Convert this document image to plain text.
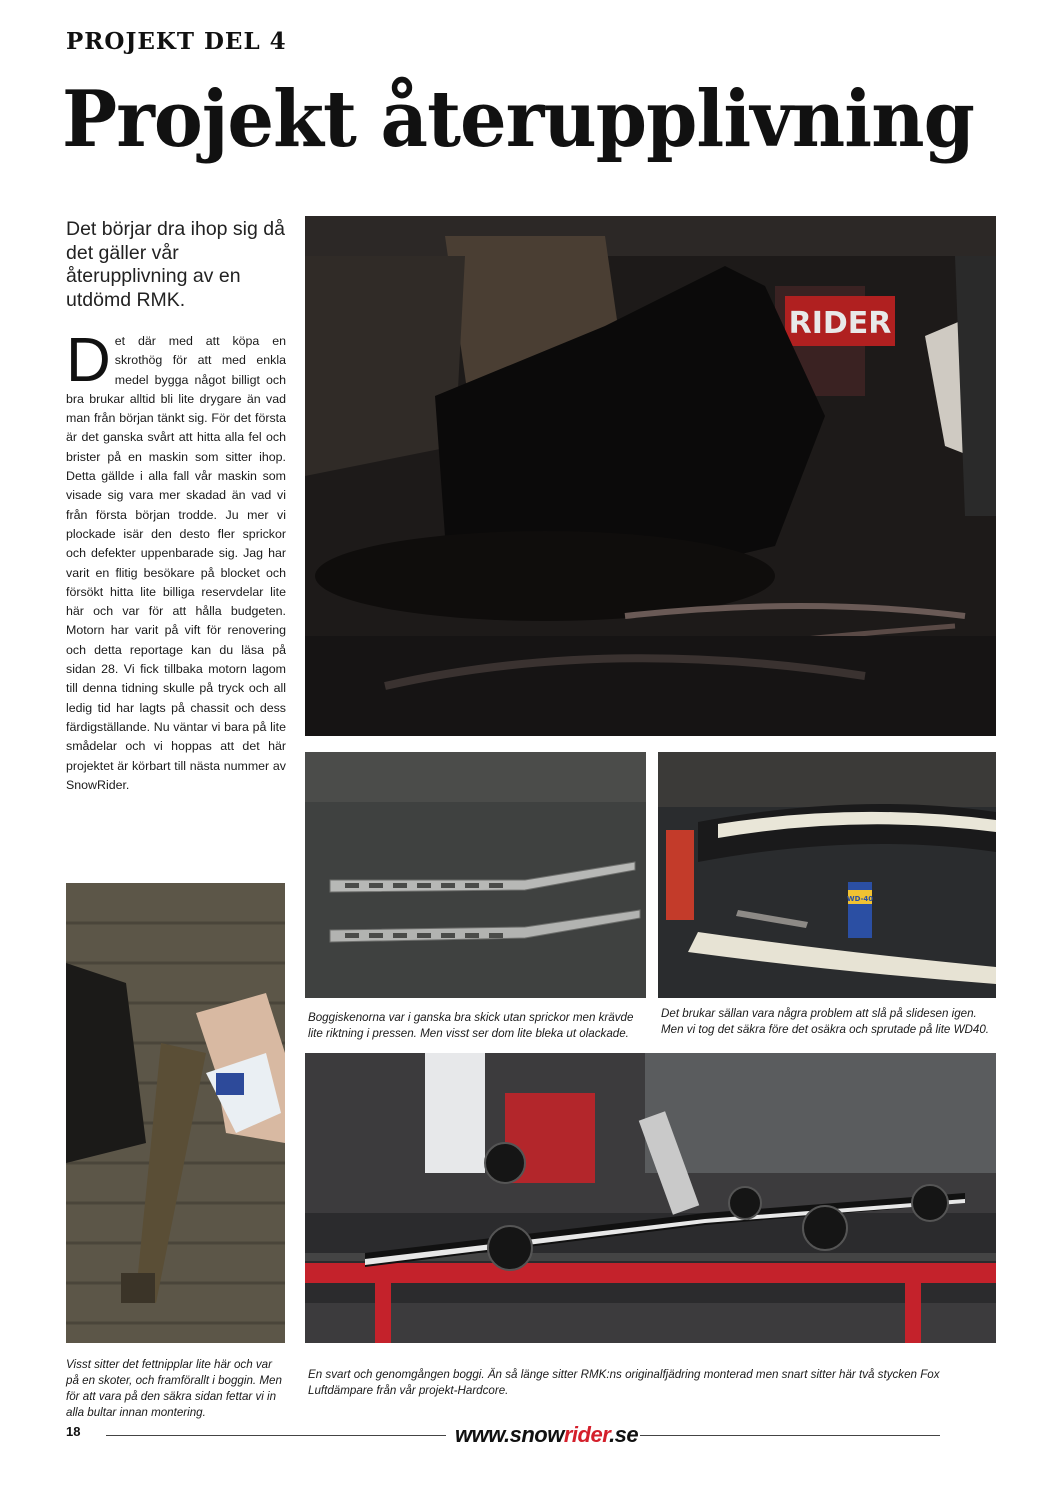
PROJEKT DEL 4
Projekt återupplivning
Det börjar dra ihop sig då det gäller vår återupplivning av en utdömd RMK.
Det där med att köpa en skrothög för att med enkla medel bygga något billigt och bra brukar alltid bli lite drygare än vad man från början tänkt sig. För det första är det ganska svårt att hitta alla fel och brister på en maskin som sitter ihop. Detta gällde i alla fall vår maskin som visade sig vara mer skadad än vad vi från första början trodde. Ju mer vi plockade isär den desto fler sprickor och defekter uppenbarade sig. Jag har varit en flitig besökare på blocket och försökt hitta lite billiga reservdelar lite här och var för att hålla budgeten. Motorn har varit på vift för renovering och detta reportage kan du läsa på sidan 28. Vi fick tillbaka motorn lagom till denna tidning skulle på tryck och all ledig tid har lagts på chassit och dess färdigställande. Nu väntar vi bara på lite smådelar och vi hoppas att det här projektet är körbart till nästa nummer av SnowRider.
RIDER
WD-40
Boggiskenorna var i ganska bra skick utan sprickor men krävde lite riktning i pressen. Men visst ser dom lite bleka ut olackade.
Det brukar sällan vara några problem att slå på slidesen igen. Men vi tog det säkra före det osäkra och sprutade på lite WD40.
Visst sitter det fettnipplar lite här och var på en skoter, och framförallt i boggin. Men för att vara på den säkra sidan fettar vi in alla bultar innan montering.
En svart och genomgången boggi. Än så länge sitter RMK:ns originalfjädring monterad men snart sitter här två stycken Fox Luftdämpare från vår projekt-Hardcore.
18	www.snowrider.se
